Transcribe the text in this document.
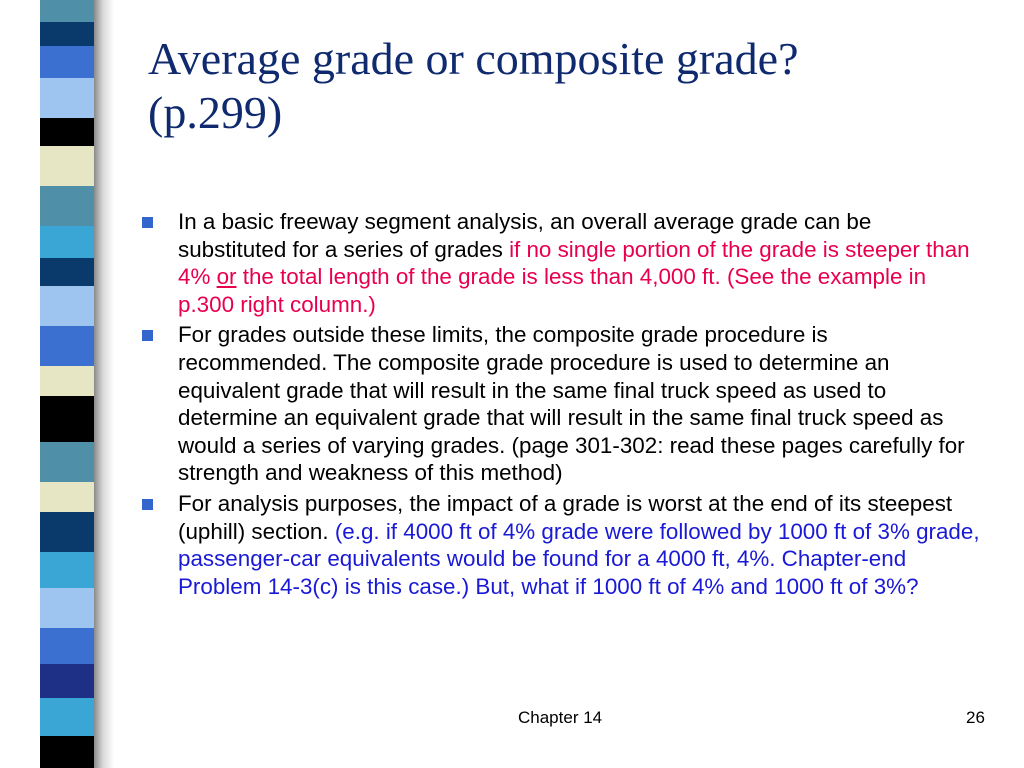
Average grade or composite grade?
(p.299)
In a basic freeway segment analysis, an overall average grade can be substituted for a series of grades if no single portion of the grade is steeper than 4% or the total length of the grade is less than 4,000 ft. (See the example in p.300 right column.)
For grades outside these limits, the composite grade procedure is recommended. The composite grade procedure is used to determine an equivalent grade that will result in the same final truck speed as used to determine an equivalent grade that will result in the same final truck speed as would a series of varying grades. (page 301-302: read these pages carefully for strength and weakness of this method)
For analysis purposes, the impact of a grade is worst at the end of its steepest (uphill) section. (e.g. if 4000 ft of 4% grade were followed by 1000 ft of 3% grade, passenger-car equivalents would be found for a 4000 ft, 4%. Chapter-end Problem 14-3(c) is this case.) But, what if 1000 ft of 4% and 1000 ft of 3%?
Chapter 14	26
